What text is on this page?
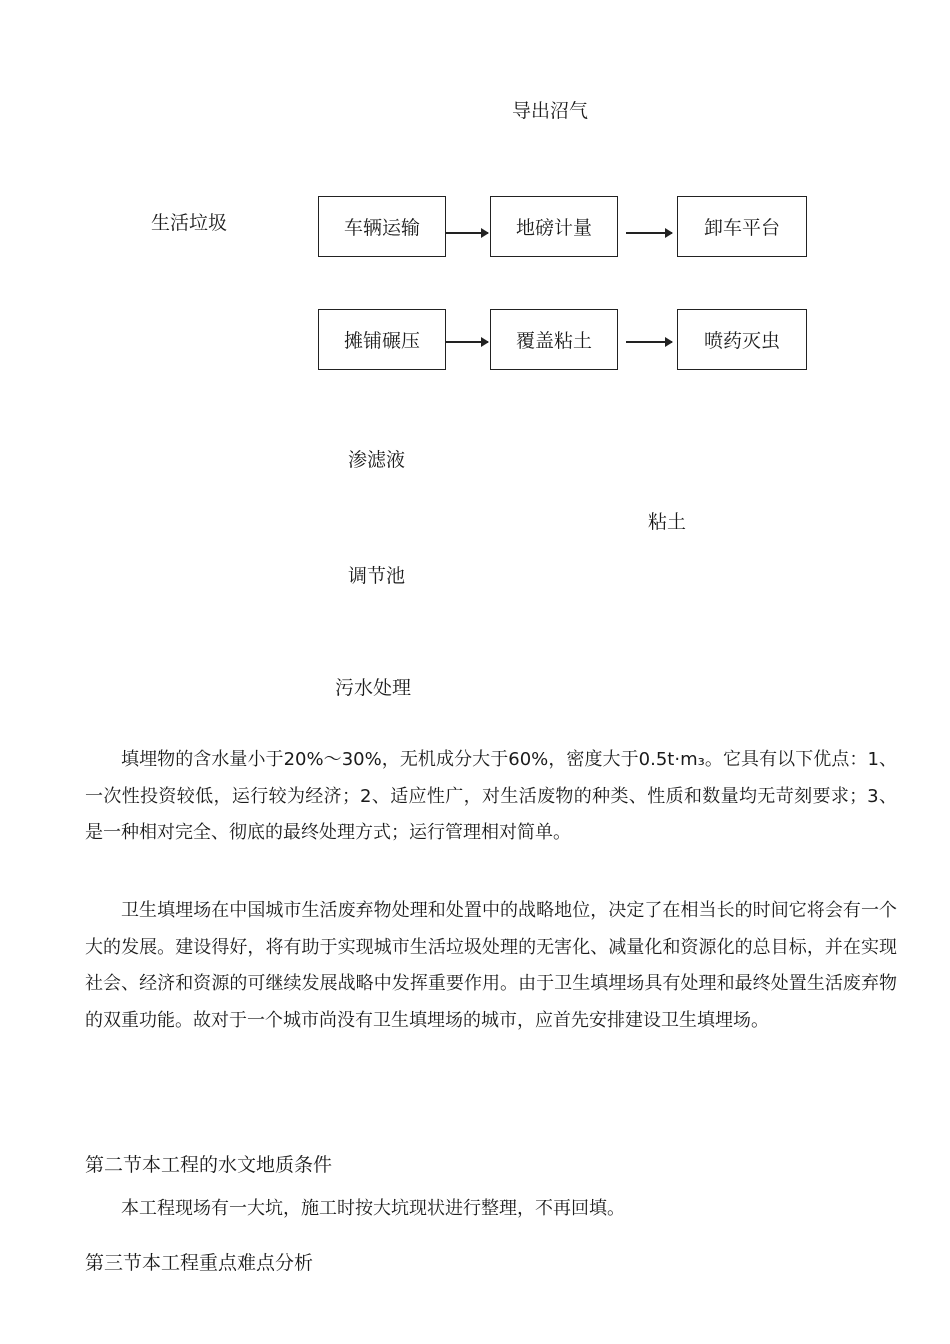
导出沼气
生活垃圾	车辆运输	地磅计量	卸车平台
摊铺碾压	覆盖粘土	喷药灭虫
渗滤液
粘土
调节池
污水处理

填埋物的含水量小于20%～30%，无机成分大于60%，密度大于0.5t·m₃。它具有以下优点：1、一次性投资较低，运行较为经济；2、适应性广，对生活废物的种类、性质和数量均无苛刻要求；3、是一种相对完全、彻底的最终处理方式；运行管理相对简单。

卫生填埋场在中国城市生活废弃物处理和处置中的战略地位，决定了在相当长的时间它将会有一个大的发展。建设得好，将有助于实现城市生活垃圾处理的无害化、减量化和资源化的总目标，并在实现社会、经济和资源的可继续发展战略中发挥重要作用。由于卫生填埋场具有处理和最终处置生活废弃物的双重功能。故对于一个城市尚没有卫生填埋场的城市，应首先安排建设卫生填埋场。

第二节本工程的水文地质条件

本工程现场有一大坑，施工时按大坑现状进行整理，不再回填。

第三节本工程重点难点分析
